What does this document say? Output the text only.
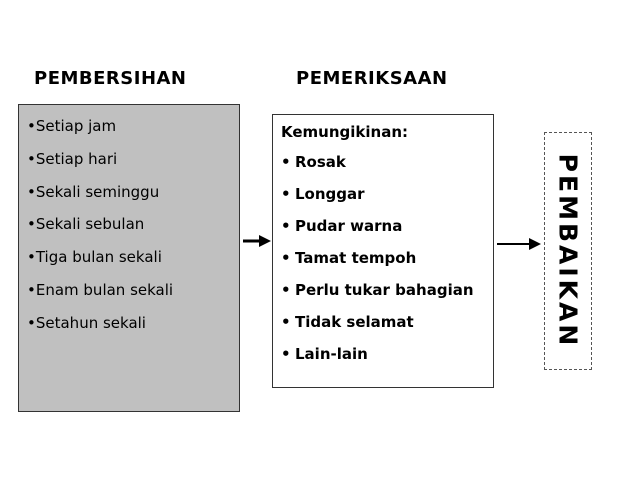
PEMBERSIHAN	PEMERIKSAAN
•Setiap jam
•Setiap hari
•Sekali seminggu
•Sekali sebulan
•Tiga bulan sekali
•Enam bulan sekali
•Setahun sekali
Kemungikinan:
• Rosak
• Longgar
• Pudar warna
• Tamat tempoh
• Perlu tukar bahagian
• Tidak selamat
• Lain-lain
PEMBAIKAN
